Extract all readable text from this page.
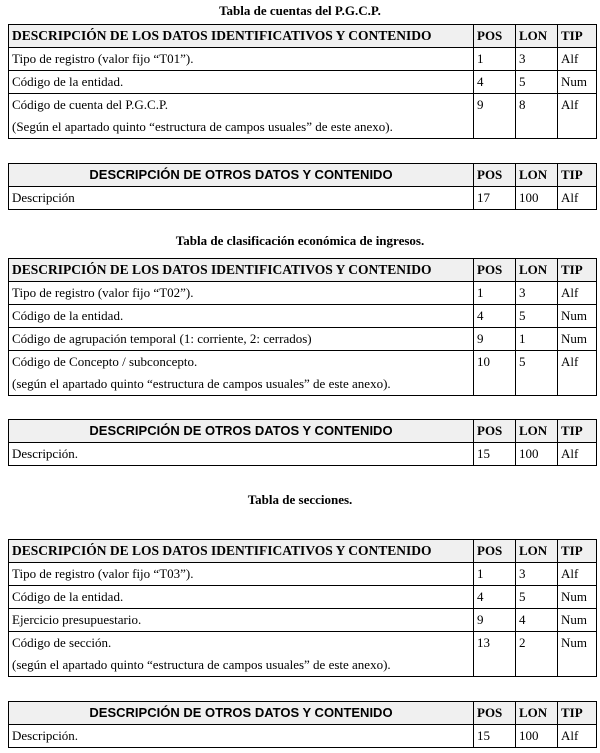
Tabla de cuentas del P.G.C.P.
DESCRIPCIÓN DE LOS DATOS IDENTIFICATIVOS Y CONTENIDO	POS	LON	TIP
Tipo de registro (valor fijo “T01”).	1	3	Alf
Código de la entidad.	4	5	Num

Código de cuenta del P.G.C.P.
(Según el apartado quinto “estructura de campos usuales” de este anexo).	9	8	Alf
DESCRIPCIÓN DE OTROS DATOS Y CONTENIDO	POS	LON	TIP
Descripción	17	100	Alf
Tabla de clasificación económica de ingresos.
DESCRIPCIÓN DE LOS DATOS IDENTIFICATIVOS Y CONTENIDO	POS	LON	TIP
Tipo de registro (valor fijo “T02”).	1	3	Alf
Código de la entidad.	4	5	Num
Código de agrupación temporal (1: corriente, 2: cerrados)	9	1	Num

Código de Concepto / subconcepto.
(según el apartado quinto “estructura de campos usuales” de este anexo).	10	5	Alf
DESCRIPCIÓN DE OTROS DATOS Y CONTENIDO	POS	LON	TIP
Descripción.	15	100	Alf
Tabla de secciones.
DESCRIPCIÓN DE LOS DATOS IDENTIFICATIVOS Y CONTENIDO	POS	LON	TIP
Tipo de registro (valor fijo “T03”).	1	3	Alf
Código de la entidad.	4	5	Num
Ejercicio presupuestario.	9	4	Num

Código de sección.
(según el apartado quinto “estructura de campos usuales” de este anexo).	13	2	Num
DESCRIPCIÓN DE OTROS DATOS Y CONTENIDO	POS	LON	TIP
Descripción.	15	100	Alf
